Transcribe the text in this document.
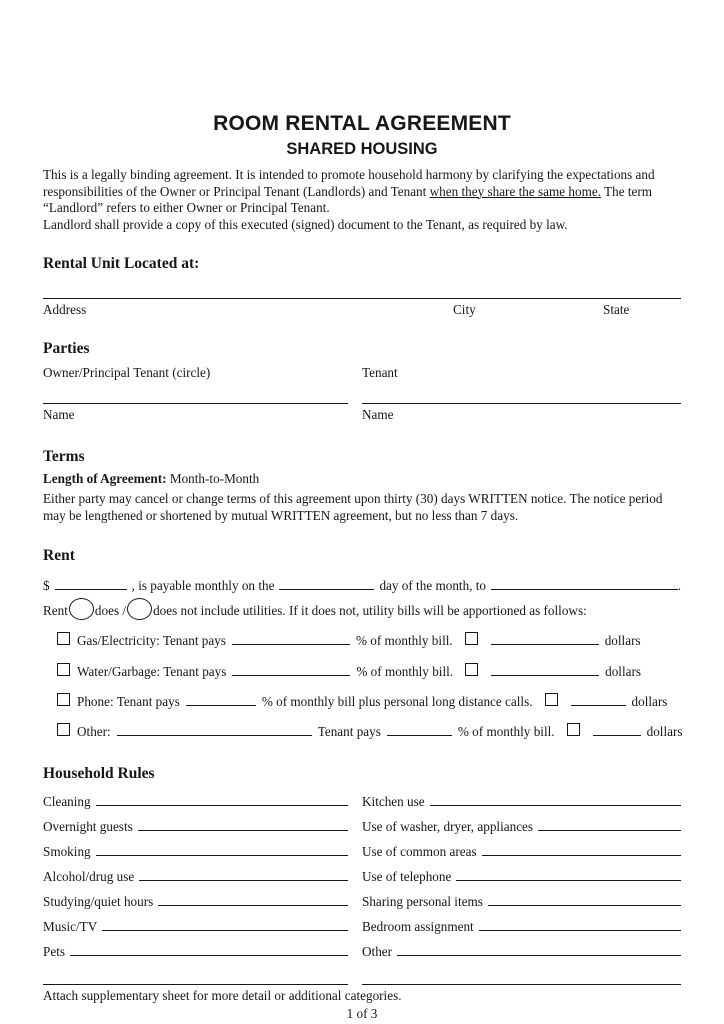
ROOM RENTAL AGREEMENT
SHARED HOUSING

This is a legally binding agreement. It is intended to promote household harmony by clarifying the expectations and responsibilities of the Owner or Principal Tenant (Landlords) and Tenant when they share the same home. The term “Landlord” refers to either Owner or Principal Tenant.
Landlord shall provide a copy of this executed (signed) document to the Tenant, as required by law.

Rental Unit Located at:
Address	City	State
Parties
Owner/Principal Tenant (circle)	Tenant
Name	Name
Terms

Length of Agreement: Month-to-Month

Either party may cancel or change terms of this agreement upon thirty (30) days WRITTEN notice. The notice period may be lengthened or shortened by mutual WRITTEN agreement, but no less than 7 days.

Rent
$	, is payable monthly on the	day of the month, to	.

Rent does / does not include utilities. If it does not, utility bills will be apportioned as follows:

Gas/Electricity: Tenant pays	% of monthly bill.	dollars
Water/Garbage: Tenant pays	% of monthly bill.	dollars
Phone: Tenant pays	% of monthly bill plus personal long distance calls.	dollars
Other:	Tenant pays	% of monthly bill.	dollars
Household Rules
Cleaning	Kitchen use
Overnight guests	Use of washer, dryer, appliances
Smoking	Use of common areas
Alcohol/drug use	Use of telephone
Studying/quiet hours	Sharing personal items
Music/TV	Bedroom assignment
Pets	Other

Attach supplementary sheet for more detail or additional categories.

1 of 3
